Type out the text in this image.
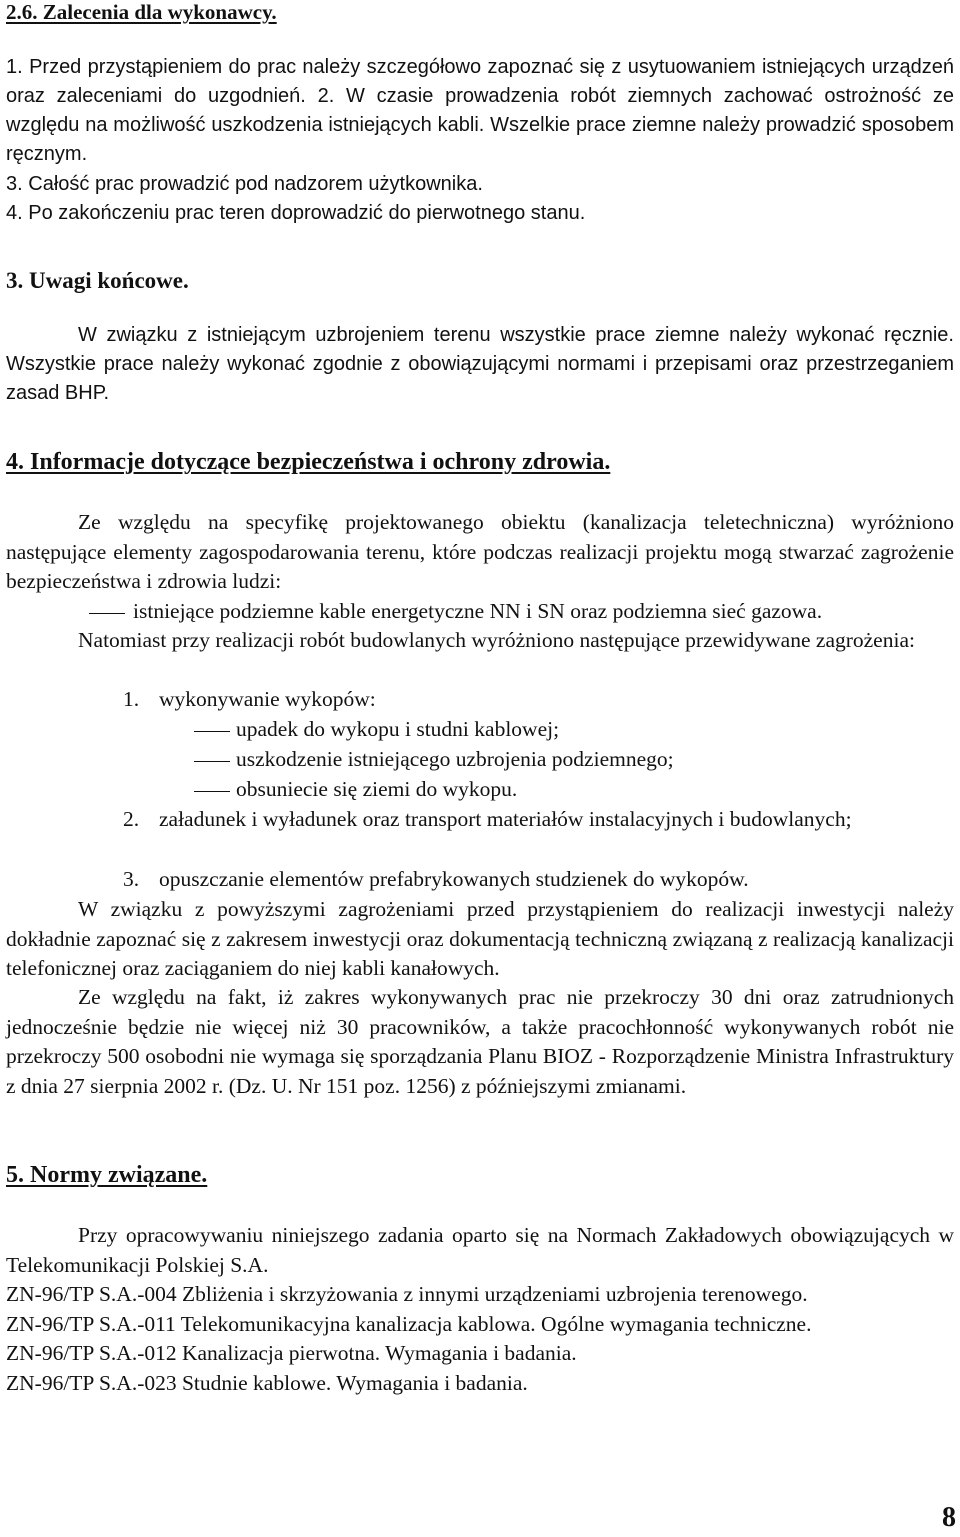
2.6. Zalecenia dla wykonawcy.
1. Przed przystąpieniem do prac należy szczegółowo zapoznać się z usytuowaniem istniejących urządzeń oraz zaleceniami do uzgodnień. 2. W czasie prowadzenia robót ziemnych zachować ostrożność ze względu na możliwość uszkodzenia istniejących kabli. Wszelkie prace ziemne należy prowadzić sposobem ręcznym.
3. Całość prac prowadzić pod nadzorem użytkownika.
4. Po zakończeniu prac teren doprowadzić do pierwotnego stanu.
3. Uwagi końcowe.
W związku z istniejącym uzbrojeniem terenu wszystkie prace ziemne należy wykonać ręcznie. Wszystkie prace należy wykonać zgodnie z obowiązującymi normami i przepisami oraz przestrzeganiem zasad BHP.
4. Informacje dotyczące bezpieczeństwa i ochrony zdrowia.
Ze względu na specyfikę projektowanego obiektu (kanalizacja teletechniczna) wyróżniono następujące elementy zagospodarowania terenu, które podczas realizacji projektu mogą stwarzać zagrożenie bezpieczeństwa i zdrowia ludzi:
istniejące podziemne kable energetyczne NN i SN oraz podziemna sieć gazowa.
Natomiast przy realizacji robót budowlanych wyróżniono następujące przewidywane zagrożenia:
1. wykonywanie wykopów:
upadek do wykopu i studni kablowej;
uszkodzenie istniejącego uzbrojenia podziemnego;
obsuniecie się ziemi do wykopu.
2. załadunek i wyładunek oraz transport materiałów instalacyjnych i budowlanych;
3. opuszczanie elementów prefabrykowanych studzienek do wykopów.
W związku z powyższymi zagrożeniami przed przystąpieniem do realizacji inwestycji należy dokładnie zapoznać się z zakresem inwestycji oraz dokumentacją techniczną związaną z realizacją kanalizacji telefonicznej oraz zaciąganiem do niej kabli kanałowych.
Ze względu na fakt, iż zakres wykonywanych prac nie przekroczy 30 dni oraz zatrudnionych jednocześnie będzie nie więcej niż 30 pracowników, a także pracochłonność wykonywanych robót nie przekroczy 500 osobodni nie wymaga się sporządzania Planu BIOZ - Rozporządzenie Ministra Infrastruktury z dnia 27 sierpnia 2002 r. (Dz. U. Nr 151 poz. 1256) z późniejszymi zmianami.
5. Normy związane.
Przy opracowywaniu niniejszego zadania oparto się na Normach Zakładowych obowiązujących w Telekomunikacji Polskiej S.A.
ZN-96/TP S.A.-004 Zbliżenia i skrzyżowania z innymi urządzeniami uzbrojenia terenowego.
ZN-96/TP S.A.-011 Telekomunikacyjna kanalizacja kablowa. Ogólne wymagania techniczne.
ZN-96/TP S.A.-012 Kanalizacja pierwotna. Wymagania i badania.
ZN-96/TP S.A.-023 Studnie kablowe. Wymagania i badania.
8
